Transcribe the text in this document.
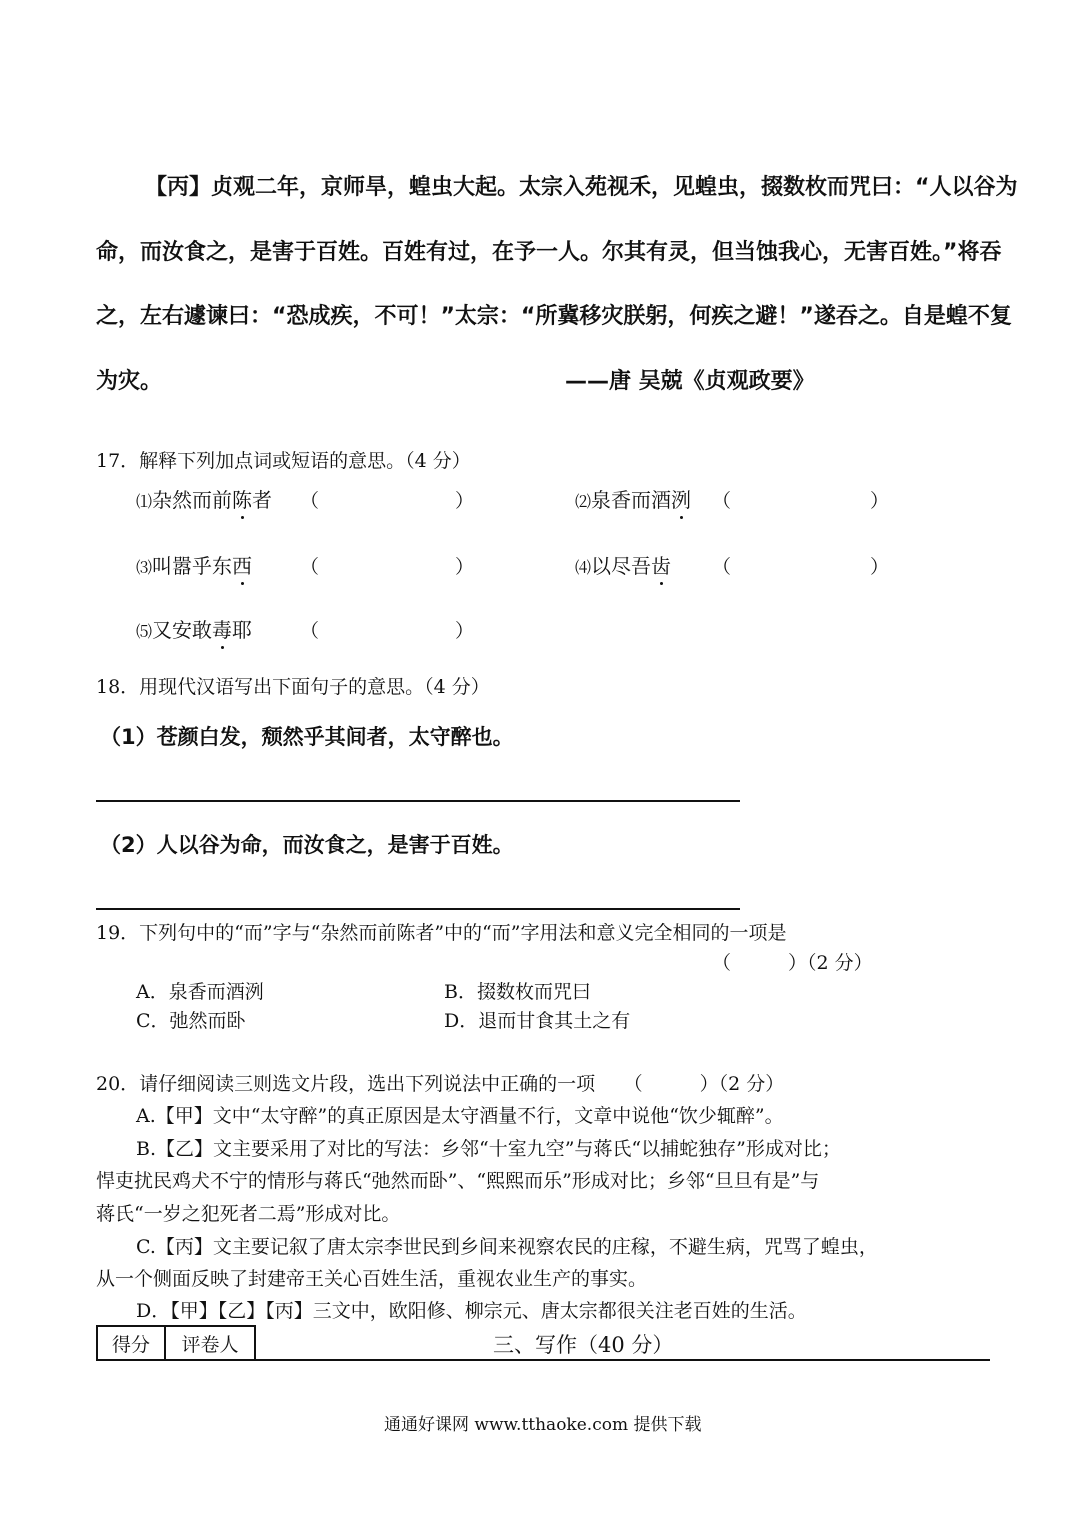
【丙】贞观二年，京师旱，蝗虫大起。太宗入苑视禾，见蝗虫，掇数枚而咒曰：“人以谷为
命，而汝食之，是害于百姓。百姓有过，在予一人。尔其有灵，但当蚀我心，无害百姓。”将吞
之，左右遽谏曰：“恐成疾，不可！”太宗：“所冀移灾朕躬，何疾之避！”遂吞之。自是蝗不复
为灾。	——唐 吴兢《贞观政要》
17．解释下列加点词或短语的意思。（4 分）
⑴杂然而前陈者 （	）	⑵泉香而酒洌 （	）
⑶叫嚣乎东西	（	）	⑷以尽吾齿 （	）
⑸又安敢毒耶	（	）
18．用现代汉语写出下面句子的意思。（4 分）
（1）苍颜白发，颓然乎其间者，太守醉也。
（2）人以谷为命，而汝食之，是害于百姓。
19．下列句中的“而”字与“杂然而前陈者”中的“而”字用法和意义完全相同的一项是
（　　　）（2 分）
A．泉香而酒洌	B．掇数枚而咒曰
C．弛然而卧	D．退而甘食其土之有
20．请仔细阅读三则选文片段，选出下列说法中正确的一项　　（　　　）（2 分）
A.【甲】文中“太守醉”的真正原因是太守酒量不行，文章中说他“饮少辄醉”。
B.【乙】文主要采用了对比的写法：乡邻“十室九空”与蒋氏“以捕蛇独存”形成对比；
悍吏扰民鸡犬不宁的情形与蒋氏“弛然而卧”、“熙熙而乐”形成对比；乡邻“旦旦有是”与
蒋氏“一岁之犯死者二焉”形成对比。
C.【丙】文主要记叙了唐太宗李世民到乡间来视察农民的庄稼，不避生病，咒骂了蝗虫，
从一个侧面反映了封建帝王关心百姓生活，重视农业生产的事实。
D．【甲】【乙】【丙】三文中，欧阳修、柳宗元、唐太宗都很关注老百姓的生活。
得分	评卷人	三、写作（40 分）
通通好课网 www.tthaoke.com 提供下载
